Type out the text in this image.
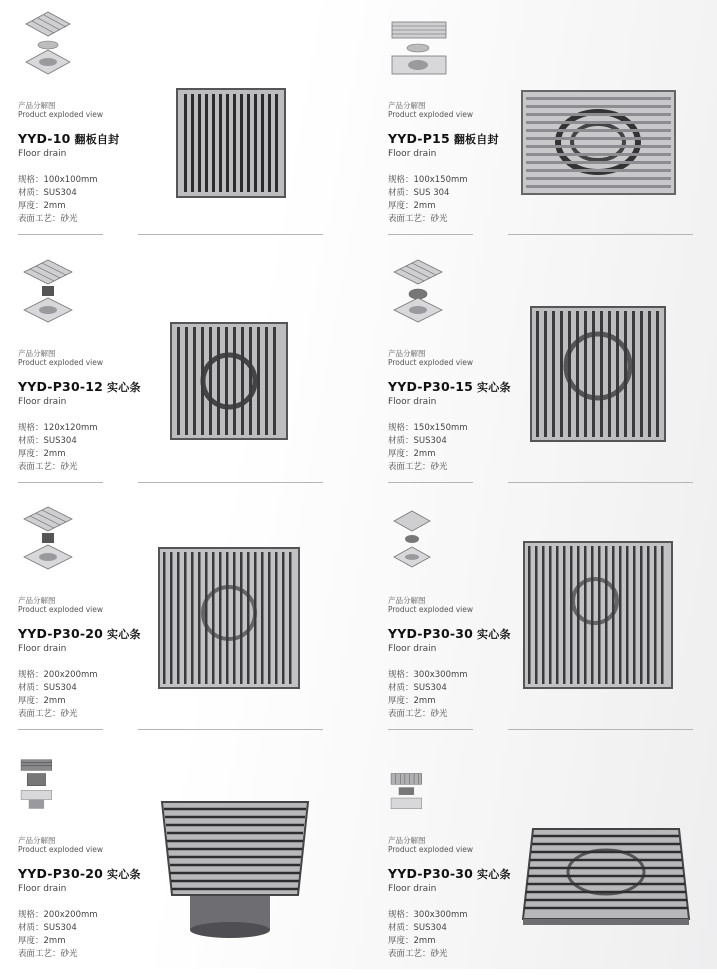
产品分解图
Product exploded view
YYD-10 翻板自封
Floor drain
规格：100x100mm
材质：SUS304
厚度：2mm
表面工艺：砂光
产品分解图
Product exploded view
YYD-P15 翻板自封
Floor drain
规格：100x150mm
材质：SUS 304
厚度：2mm
表面工艺：砂光
产品分解图
Product exploded view
YYD-P30-12 实心条
Floor drain
规格：120x120mm
材质：SUS304
厚度：2mm
表面工艺：砂光
产品分解图
Product exploded view
YYD-P30-15 实心条
Floor drain
规格：150x150mm
材质：SUS304
厚度：2mm
表面工艺：砂光
产品分解图
Product exploded view
YYD-P30-20 实心条
Floor drain
规格：200x200mm
材质：SUS304
厚度：2mm
表面工艺：砂光
产品分解图
Product exploded view
YYD-P30-30 实心条
Floor drain
规格：300x300mm
材质：SUS304
厚度：2mm
表面工艺：砂光
产品分解图
Product exploded view
YYD-P30-20 实心条
Floor drain
规格：200x200mm
材质：SUS304
厚度：2mm
表面工艺：砂光
产品分解图
Product exploded view
YYD-P30-30 实心条
Floor drain
规格：300x300mm
材质：SUS304
厚度：2mm
表面工艺：砂光
